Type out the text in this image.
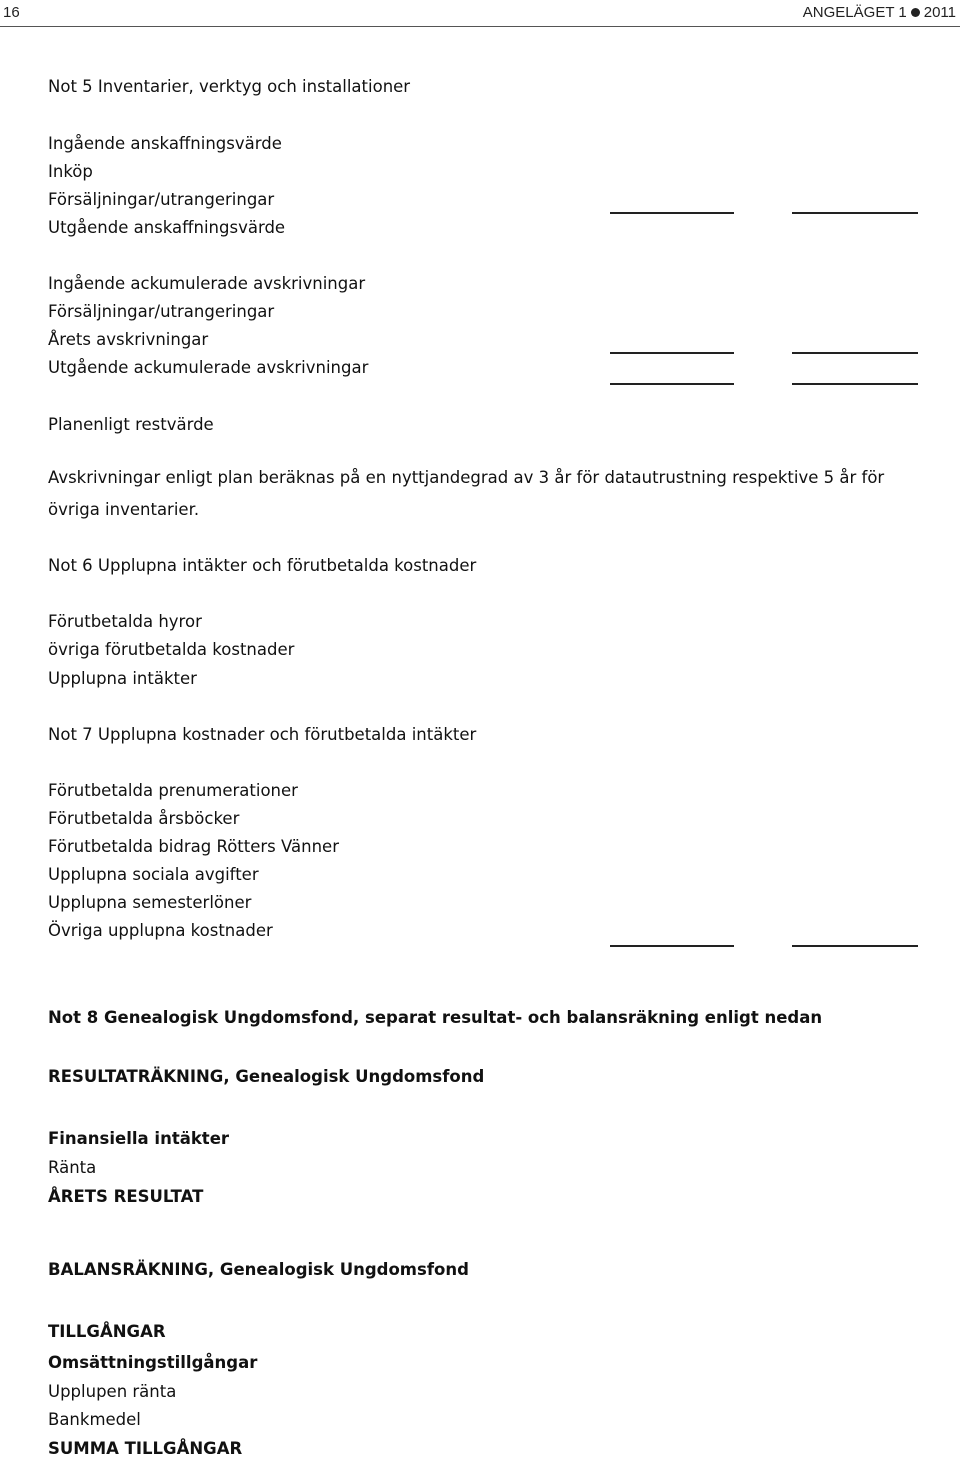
16	ANGELÄGET 1 2011
Not 5 Inventarier, verktyg och installationer
Ingående anskaffningsvärde
Inköp
Försäljningar/utrangeringar
Utgående anskaffningsvärde
Ingående ackumulerade avskrivningar
Försäljningar/utrangeringar
Årets avskrivningar
Utgående ackumulerade avskrivningar
Planenligt restvärde
Avskrivningar enligt plan beräknas på en nyttjandegrad av 3 år för datautrustning respektive 5 år för övriga inventarier.
Not 6 Upplupna intäkter och förutbetalda kostnader
Förutbetalda hyror
övriga förutbetalda kostnader
Upplupna intäkter
Not 7 Upplupna kostnader och förutbetalda intäkter
Förutbetalda prenumerationer
Förutbetalda årsböcker
Förutbetalda bidrag Rötters Vänner
Upplupna sociala avgifter
Upplupna semesterlöner
Övriga upplupna kostnader
Not 8 Genealogisk Ungdomsfond, separat resultat- och balansräkning enligt nedan
RESULTATRÄKNING, Genealogisk Ungdomsfond
Finansiella intäkter
Ränta
ÅRETS RESULTAT
BALANSRÄKNING, Genealogisk Ungdomsfond
TILLGÅNGAR
Omsättningstillgångar
Upplupen ränta
Bankmedel
SUMMA TILLGÅNGAR
